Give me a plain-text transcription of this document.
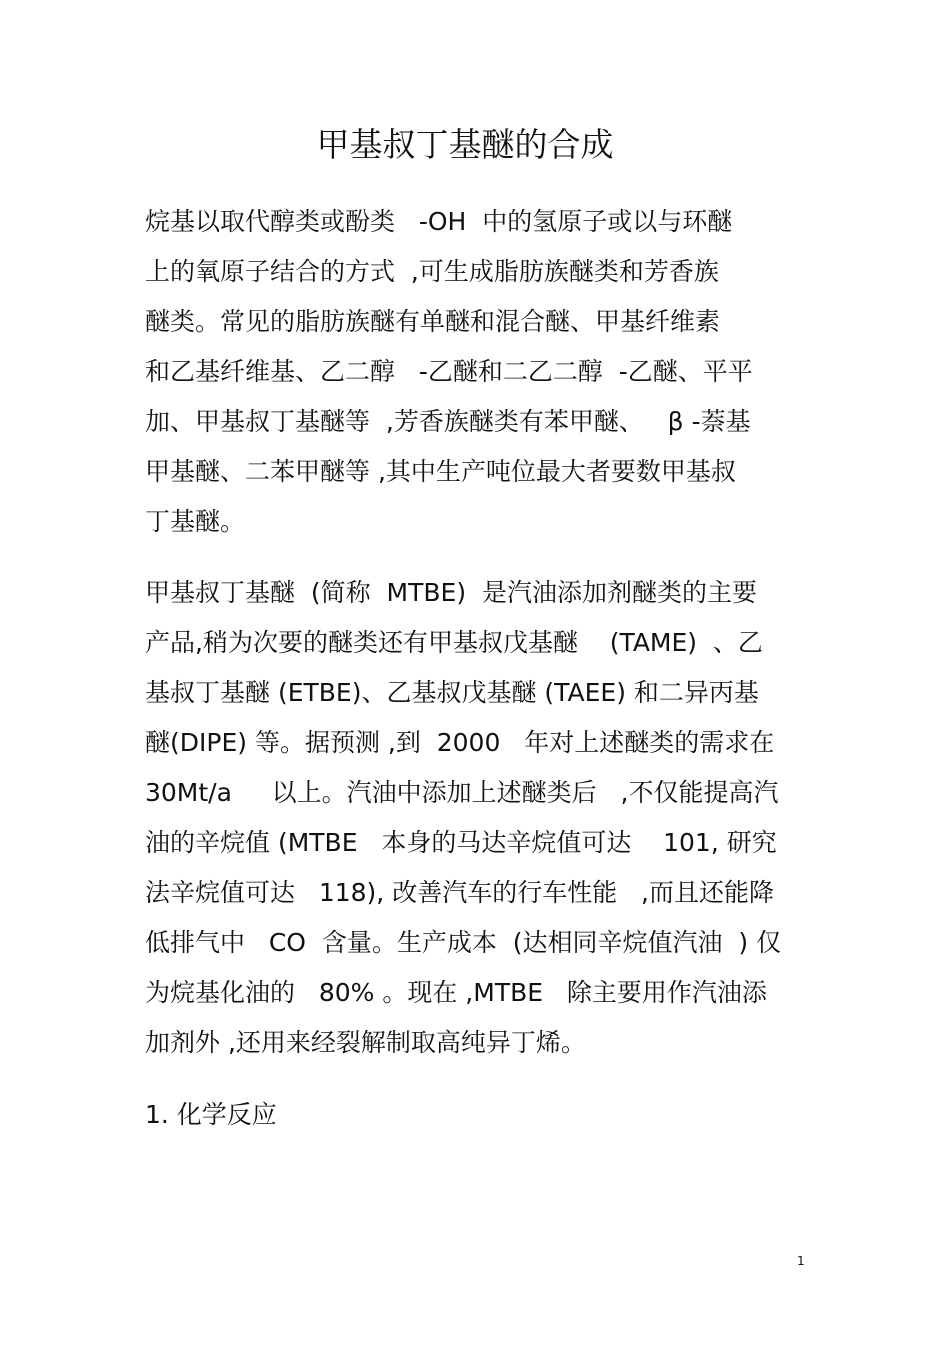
甲基叔丁基醚的合成
烷基以取代醇类或酚类   -OH  中的氢原子或以与环醚
上的氧原子结合的方式  ,可生成脂肪族醚类和芳香族
醚类。常见的脂肪族醚有单醚和混合醚、甲基纤维素
和乙基纤维基、乙二醇   -乙醚和二乙二醇  -乙醚、平平
加、甲基叔丁基醚等  ,芳香族醚类有苯甲醚、   β -萘基
甲基醚、二苯甲醚等 ,其中生产吨位最大者要数甲基叔
丁基醚。
甲基叔丁基醚  (简称  MTBE)  是汽油添加剂醚类的主要
产品,稍为次要的醚类还有甲基叔戊基醚    (TAME)  、乙
基叔丁基醚 (ETBE)、乙基叔戊基醚 (TAEE) 和二异丙基
醚(DIPE) 等。据预测 ,到  2000   年对上述醚类的需求在
30Mt/a     以上。汽油中添加上述醚类后   ,不仅能提高汽
油的辛烷值 (MTBE   本身的马达辛烷值可达    101, 研究
法辛烷值可达   118), 改善汽车的行车性能   ,而且还能降
低排气中   CO  含量。生产成本  (达相同辛烷值汽油  ) 仅
为烷基化油的   80% 。现在 ,MTBE   除主要用作汽油添
加剂外 ,还用来经裂解制取高纯异丁烯。
1. 化学反应
1
